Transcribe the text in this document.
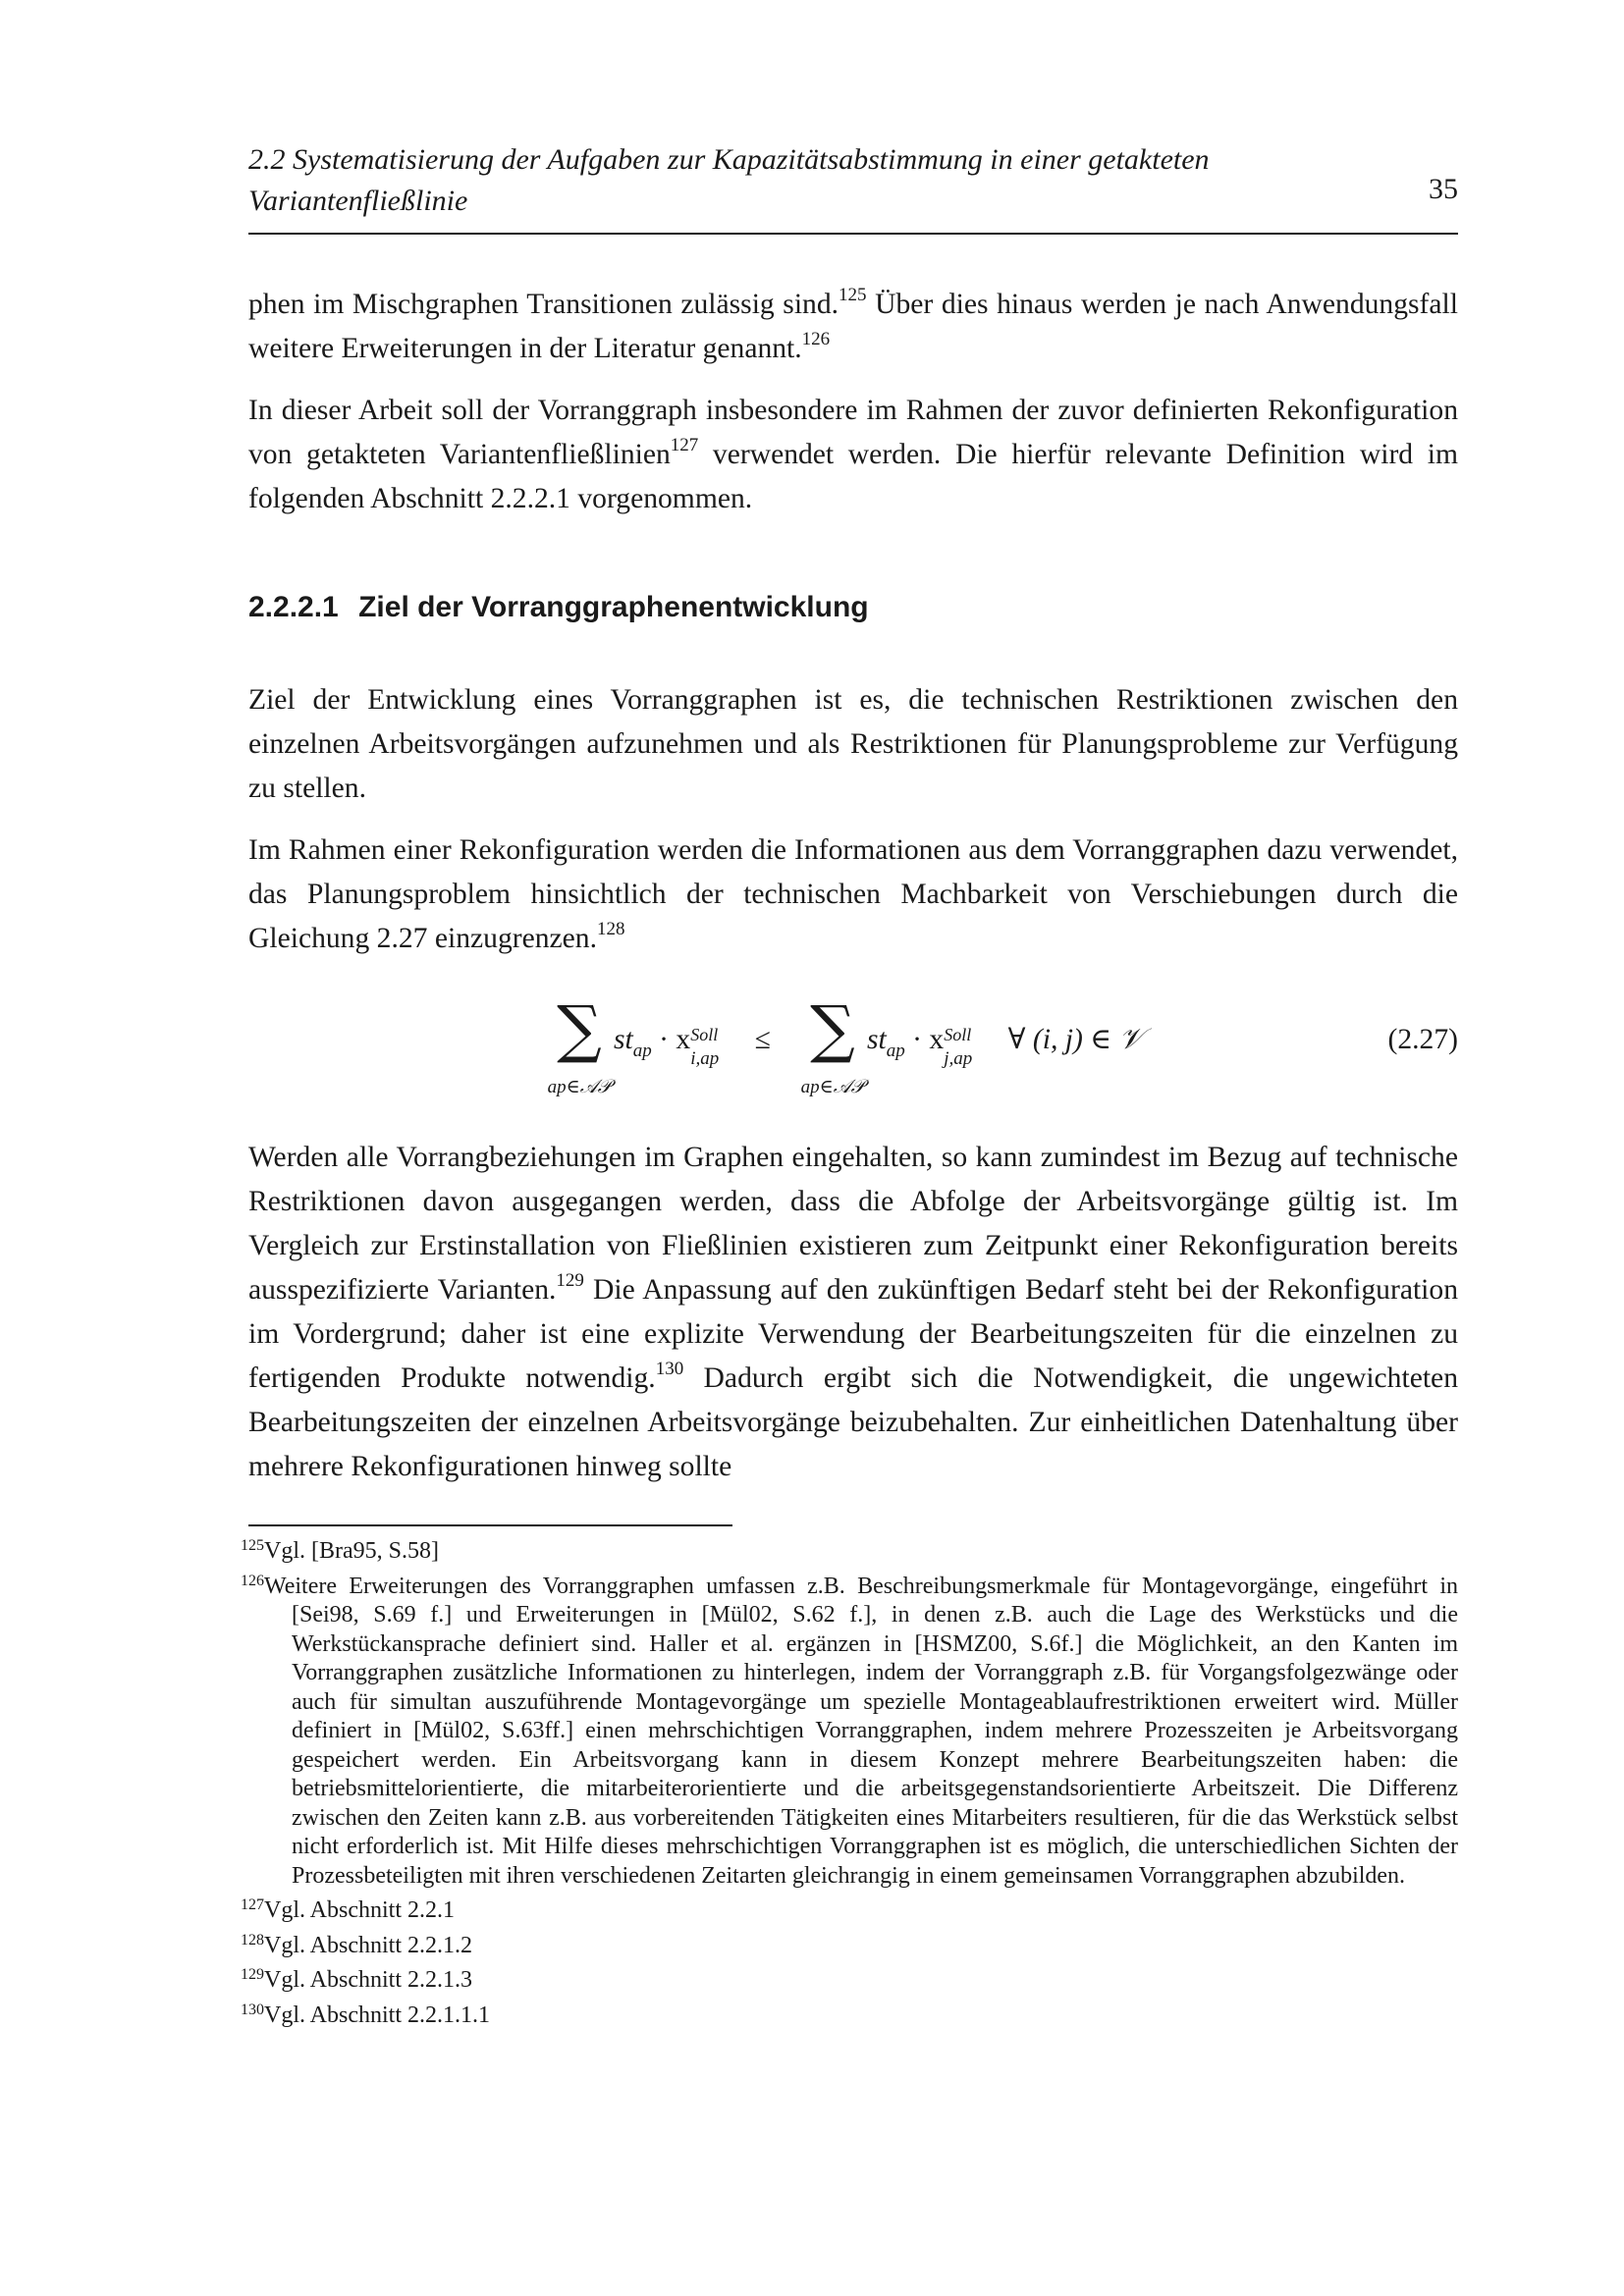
2.2 Systematisierung der Aufgaben zur Kapazitätsabstimmung in einer getakteten Variantenfließlinie	35

phen im Mischgraphen Transitionen zulässig sind.$^{125}$ Über dies hinaus werden je nach Anwendungsfall weitere Erweiterungen in der Literatur genannt.$^{126}$

In dieser Arbeit soll der Vorranggraph insbesondere im Rahmen der zuvor definierten Rekonfiguration von getakteten Variantenfließlinien$^{127}$ verwendet werden. Die hierfür relevante Definition wird im folgenden Abschnitt 2.2.2.1 vorgenommen.

2.2.2.1 Ziel der Vorranggraphenentwicklung

Ziel der Entwicklung eines Vorranggraphen ist es, die technischen Restriktionen zwischen den einzelnen Arbeitsvorgängen aufzunehmen und als Restriktionen für Planungsprobleme zur Verfügung zu stellen.

Im Rahmen einer Rekonfiguration werden die Informationen aus dem Vorranggraphen dazu verwendet, das Planungsproblem hinsichtlich der technischen Machbarkeit von Verschiebungen durch die Gleichung 2.27 einzugrenzen.$^{128}$

∑
ap∈𝒜𝒫
$st_{ap} \cdot x$ Soll
i,ap
≤ ∑
ap∈𝒜𝒫
$st_{ap} \cdot x$ Soll
j,ap
∀ (i, j) ∈ 𝒱	(2.27)

Werden alle Vorrangbeziehungen im Graphen eingehalten, so kann zumindest im Bezug auf technische Restriktionen davon ausgegangen werden, dass die Abfolge der Arbeitsvorgänge gültig ist. Im Vergleich zur Erstinstallation von Fließlinien existieren zum Zeitpunkt einer Rekonfiguration bereits ausspezifizierte Varianten.$^{129}$ Die Anpassung auf den zukünftigen Bedarf steht bei der Rekonfiguration im Vordergrund; daher ist eine explizite Verwendung der Bearbeitungszeiten für die einzelnen zu fertigenden Produkte notwendig.$^{130}$ Dadurch ergibt sich die Notwendigkeit, die ungewichteten Bearbeitungszeiten der einzelnen Arbeitsvorgänge beizubehalten. Zur einheitlichen Datenhaltung über mehrere Rekonfigurationen hinweg sollte

$^{125}$Vgl. [Bra95, S.58]
$^{126}$Weitere Erweiterungen des Vorranggraphen umfassen z.B. Beschreibungsmerkmale für Montagevorgänge, eingeführt in [Sei98, S.69 f.] und Erweiterungen in [Mül02, S.62 f.], in denen z.B. auch die Lage des Werkstücks und die Werkstückansprache definiert sind. Haller et al. ergänzen in [HSMZ00, S.6f.] die Möglichkeit, an den Kanten im Vorranggraphen zusätzliche Informationen zu hinterlegen, indem der Vorranggraph z.B. für Vorgangsfolgezwänge oder auch für simultan auszuführende Montagevorgänge um spezielle Montageablaufrestriktionen erweitert wird. Müller definiert in [Mül02, S.63ff.] einen mehrschichtigen Vorranggraphen, indem mehrere Prozesszeiten je Arbeitsvorgang gespeichert werden. Ein Arbeitsvorgang kann in diesem Konzept mehrere Bearbeitungszeiten haben: die betriebsmittelorientierte, die mitarbeiterorientierte und die arbeitsgegenstandsorientierte Arbeitszeit. Die Differenz zwischen den Zeiten kann z.B. aus vorbereitenden Tätigkeiten eines Mitarbeiters resultieren, für die das Werkstück selbst nicht erforderlich ist. Mit Hilfe dieses mehrschichtigen Vorranggraphen ist es möglich, die unterschiedlichen Sichten der Prozessbeteiligten mit ihren verschiedenen Zeitarten gleichrangig in einem gemeinsamen Vorranggraphen abzubilden.
$^{127}$Vgl. Abschnitt 2.2.1
$^{128}$Vgl. Abschnitt 2.2.1.2
$^{129}$Vgl. Abschnitt 2.2.1.3
$^{130}$Vgl. Abschnitt 2.2.1.1.1
